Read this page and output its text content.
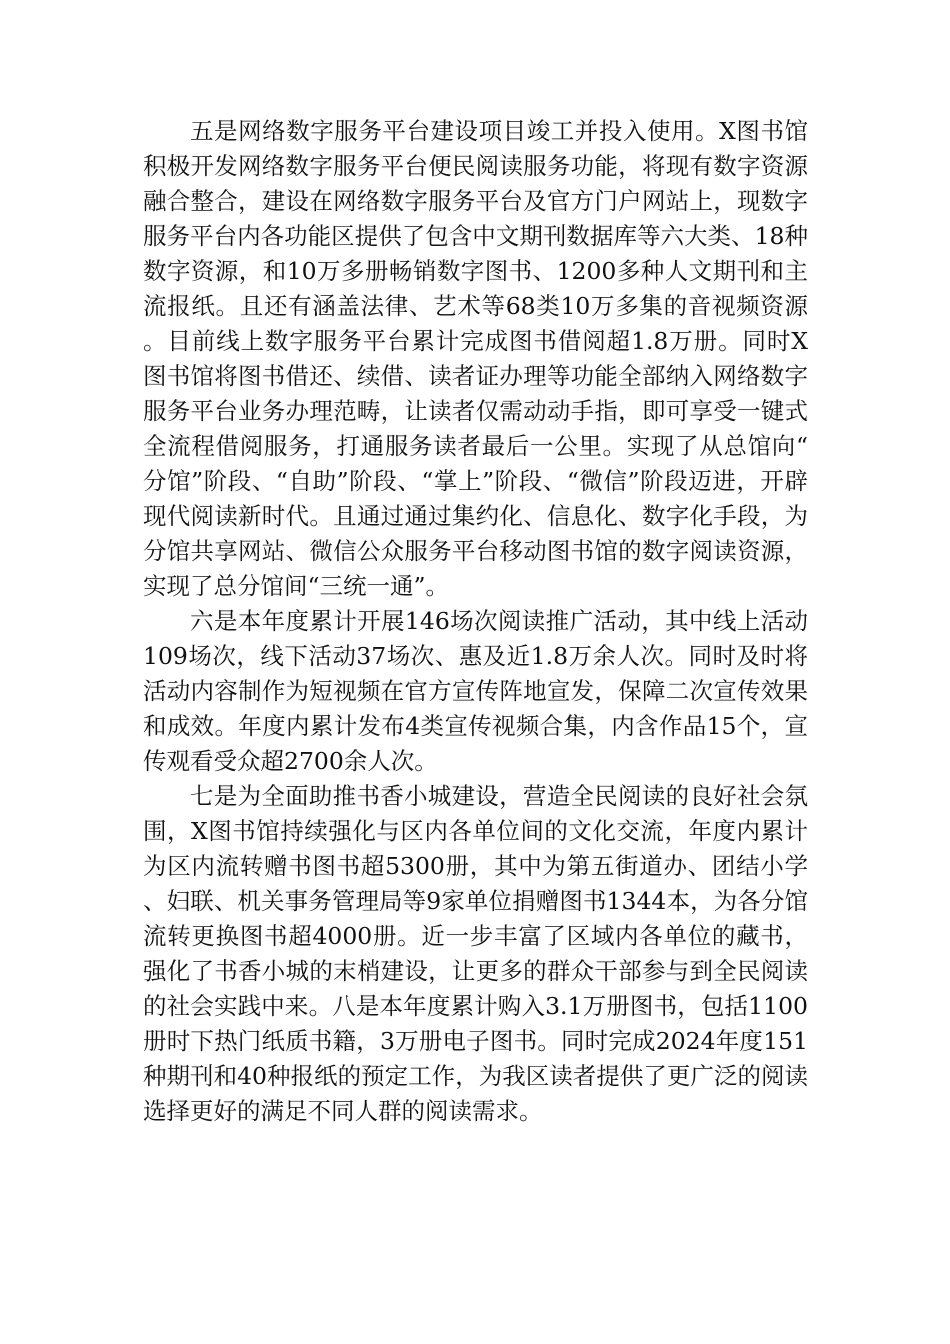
五是网络数字服务平台建设项目竣工并投入使用。X图书馆积极开发网络数字服务平台便民阅读服务功能，将现有数字资源融合整合，建设在网络数字服务平台及官方门户网站上，现数字服务平台内各功能区提供了包含中文期刊数据库等六大类、18种数字资源，和10万多册畅销数字图书、1200多种人文期刊和主流报纸。且还有涵盖法律、艺术等68类10万多集的音视频资源。目前线上数字服务平台累计完成图书借阅超1.8万册。同时X图书馆将图书借还、续借、读者证办理等功能全部纳入网络数字服务平台业务办理范畴，让读者仅需动动手指，即可享受一键式全流程借阅服务，打通服务读者最后一公里。实现了从总馆向“分馆”阶段、“自助”阶段、“掌上”阶段、“微信”阶段迈进，开辟现代阅读新时代。且通过通过集约化、信息化、数字化手段，为分馆共享网站、微信公众服务平台移动图书馆的数字阅读资源，实现了总分馆间“三统一通”。

六是本年度累计开展146场次阅读推广活动，其中线上活动109场次，线下活动37场次、惠及近1.8万余人次。同时及时将活动内容制作为短视频在官方宣传阵地宣发，保障二次宣传效果和成效。年度内累计发布4类宣传视频合集，内含作品15个，宣传观看受众超2700余人次。

七是为全面助推书香小城建设，营造全民阅读的良好社会氛围，X图书馆持续强化与区内各单位间的文化交流，年度内累计为区内流转赠书图书超5300册，其中为第五街道办、团结小学、妇联、机关事务管理局等9家单位捐赠图书1344本，为各分馆流转更换图书超4000册。近一步丰富了区域内各单位的藏书，强化了书香小城的末梢建设，让更多的群众干部参与到全民阅读的社会实践中来。八是本年度累计购入3.1万册图书，包括1100册时下热门纸质书籍，3万册电子图书。同时完成2024年度151种期刊和40种报纸的预定工作，为我区读者提供了更广泛的阅读选择更好的满足不同人群的阅读需求。
